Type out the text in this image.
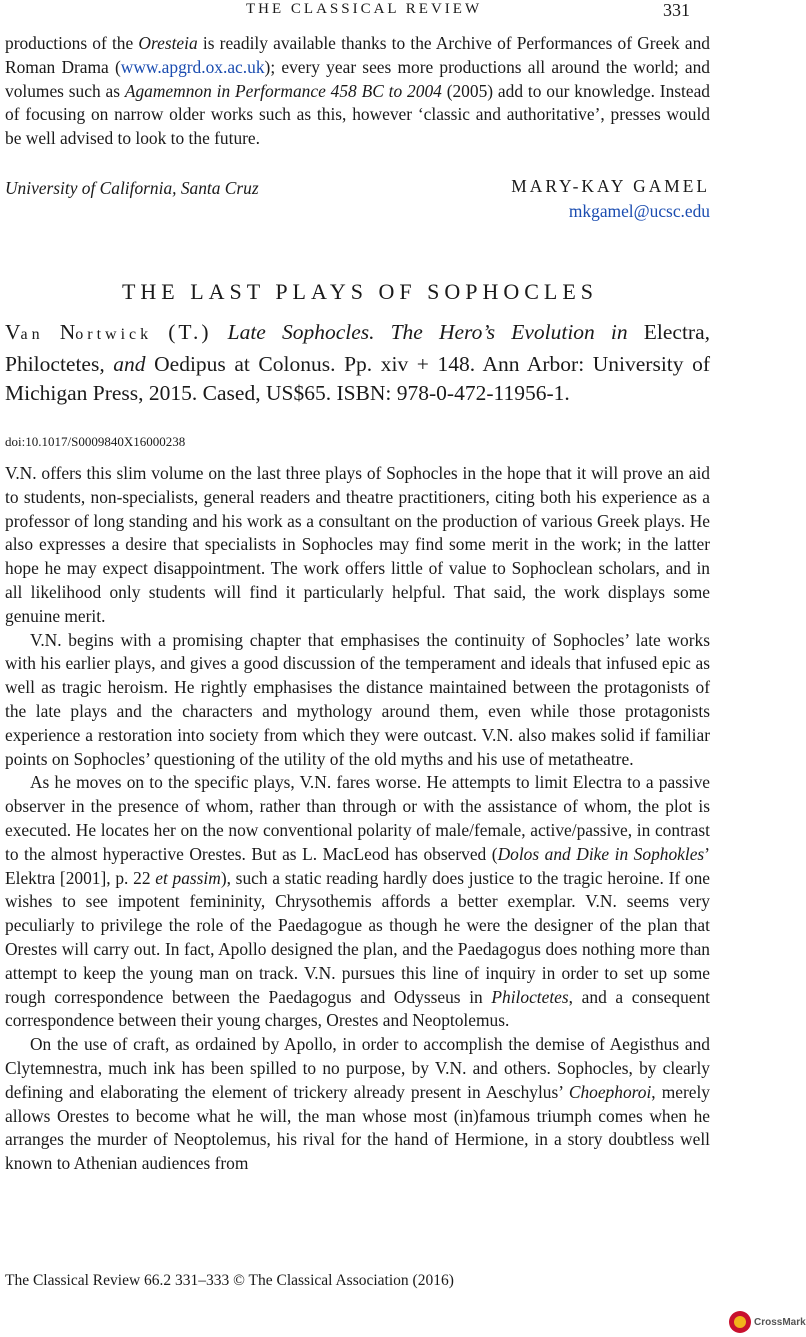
THE CLASSICAL REVIEW	331

productions of the Oresteia is readily available thanks to the Archive of Performances of Greek and Roman Drama (www.apgrd.ox.ac.uk); every year sees more productions all around the world; and volumes such as Agamemnon in Performance 458 BC to 2004 (2005) add to our knowledge. Instead of focusing on narrow older works such as this, however ‘classic and authoritative’, presses would be well advised to look to the future.

University of California, Santa Cruz	MARY-KAY GAMEL
mkgamel@ucsc.edu
THE LAST PLAYS OF SOPHOCLES

Van Nortwick (T.) Late Sophocles. The Hero’s Evolution in Electra, Philoctetes, and Oedipus at Colonus. Pp. xiv + 148. Ann Arbor: University of Michigan Press, 2015. Cased, US$65. ISBN: 978-0-472-11956-1.

doi:10.1017/S0009840X16000238

V.N. offers this slim volume on the last three plays of Sophocles in the hope that it will prove an aid to students, non-specialists, general readers and theatre practitioners, citing both his experience as a professor of long standing and his work as a consultant on the production of various Greek plays. He also expresses a desire that specialists in Sophocles may find some merit in the work; in the latter hope he may expect disappointment. The work offers little of value to Sophoclean scholars, and in all likelihood only students will find it particularly helpful. That said, the work displays some genuine merit.

V.N. begins with a promising chapter that emphasises the continuity of Sophocles’ late works with his earlier plays, and gives a good discussion of the temperament and ideals that infused epic as well as tragic heroism. He rightly emphasises the distance maintained between the protagonists of the late plays and the characters and mythology around them, even while those protagonists experience a restoration into society from which they were outcast. V.N. also makes solid if familiar points on Sophocles’ questioning of the utility of the old myths and his use of metatheatre.

As he moves on to the specific plays, V.N. fares worse. He attempts to limit Electra to a passive observer in the presence of whom, rather than through or with the assistance of whom, the plot is executed. He locates her on the now conventional polarity of male/female, active/passive, in contrast to the almost hyperactive Orestes. But as L. MacLeod has observed (Dolos and Dike in Sophokles’ Elektra [2001], p. 22 et passim), such a static reading hardly does justice to the tragic heroine. If one wishes to see impotent femininity, Chrysothemis affords a better exemplar. V.N. seems very peculiarly to privilege the role of the Paedagogue as though he were the designer of the plan that Orestes will carry out. In fact, Apollo designed the plan, and the Paedagogus does nothing more than attempt to keep the young man on track. V.N. pursues this line of inquiry in order to set up some rough correspondence between the Paedagogus and Odysseus in Philoctetes, and a consequent correspondence between their young charges, Orestes and Neoptolemus.

On the use of craft, as ordained by Apollo, in order to accomplish the demise of Aegisthus and Clytemnestra, much ink has been spilled to no purpose, by V.N. and others. Sophocles, by clearly defining and elaborating the element of trickery already present in Aeschylus’ Choephoroi, merely allows Orestes to become what he will, the man whose most (in)famous triumph comes when he arranges the murder of Neoptolemus, his rival for the hand of Hermione, in a story doubtless well known to Athenian audiences from

The Classical Review 66.2 331–333 © The Classical Association (2016)
CrossMark
